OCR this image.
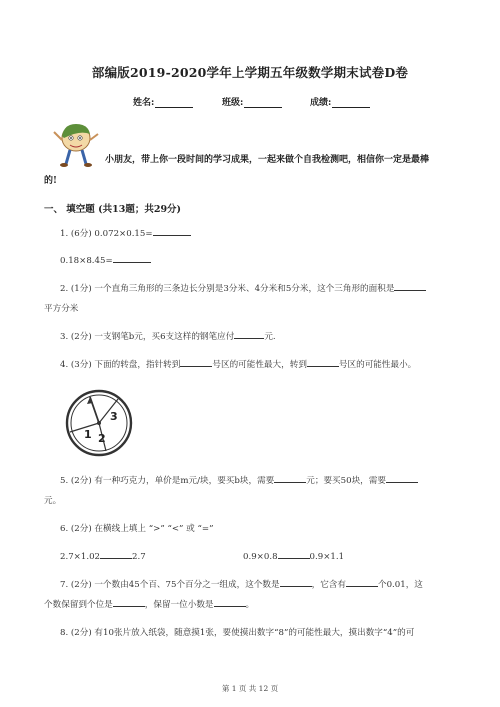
部编版2019-2020学年上学期五年级数学期末试卷D卷
姓名:	班级:	成绩:
小朋友，带上你一段时间的学习成果，一起来做个自我检测吧，相信你一定是最棒
的!
一、 填空题 (共13题；共29分)
1. (6分) 0.072×0.15=
0.18×8.45=
2. (1分) 一个直角三角形的三条边长分别是3分米、4分米和5分米，这个三角形的面积是
平方分米
3. (2分) 一支钢笔b元，买6支这样的钢笔应付	元.
4. (3分) 下面的转盘，指针转到	号区的可能性最大，转到	号区的可能性最小。
3
1 2
5. (2分) 有一种巧克力，单价是m元/块，要买b块，需要	元；要买50块，需要
元。
6. (2分) 在横线上填上 “>” “<” 或 “=”
2.7×1.02	2.7	0.9×0.8	0.9×1.1
7. (2分) 一个数由45个百、75个百分之一组成，这个数是	，它含有	个0.01，这
个数保留到个位是	，保留一位小数是	。
8. (2分) 有10张片放入纸袋，随意摸1张，要使摸出数字“8”的可能性最大，摸出数字“4”的可
第 1 页 共 12 页
